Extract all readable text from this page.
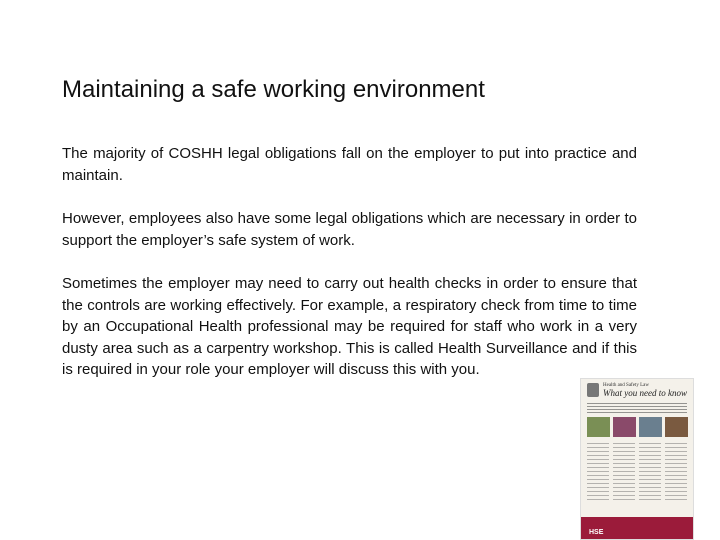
Maintaining a safe working environment

The majority of COSHH legal obligations fall on the employer to put into practice and maintain.

However, employees also have some legal obligations which are necessary in order to support the employer’s safe system of work.

Sometimes the employer may need to carry out health checks in order to ensure that the controls are working effectively. For example, a respiratory check from time to time by an Occupational Health professional may be required for staff who work in a very dusty area such as a carpentry workshop. This is called Health Surveillance and if this is required in your role your employer will discuss this with you.

Health and Safety Law
What you need to know
HSE
